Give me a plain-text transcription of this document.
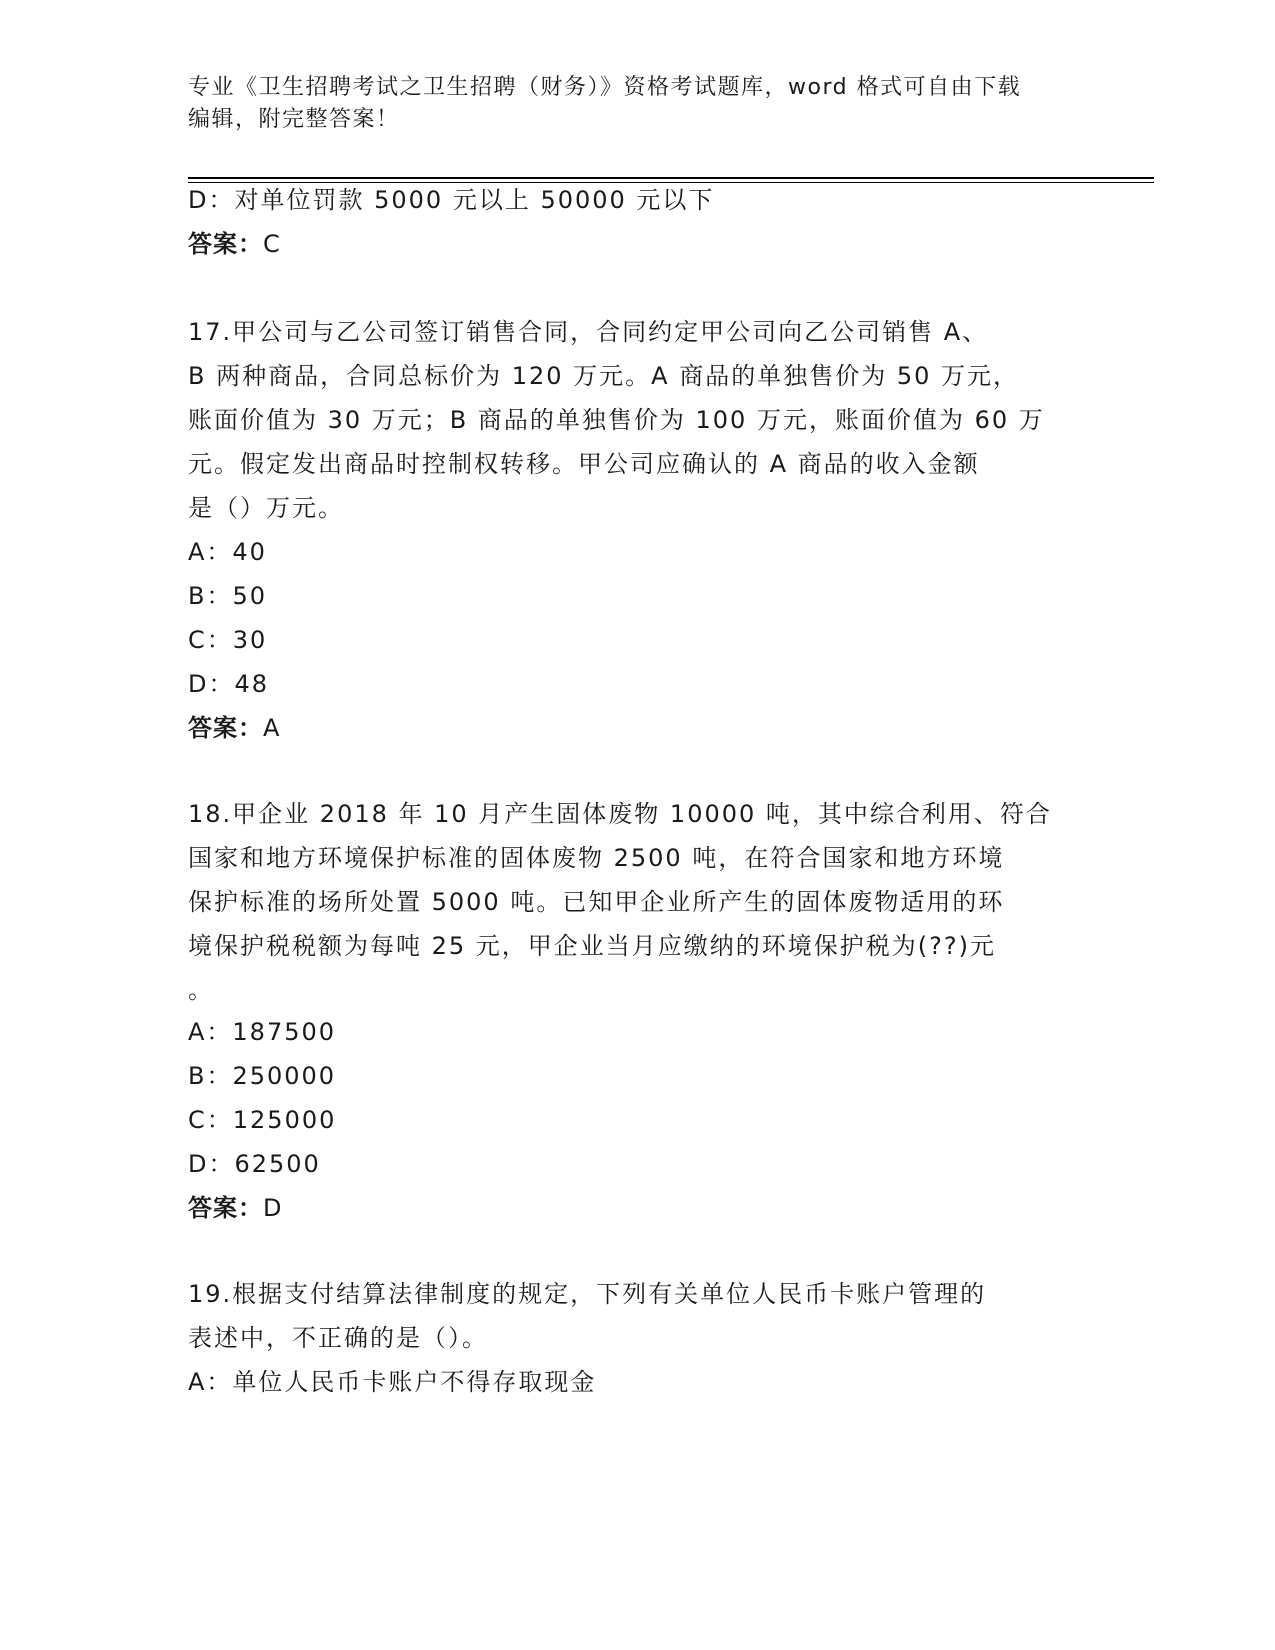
专业《卫生招聘考试之卫生招聘（财务）》资格考试题库，word 格式可自由下载
编辑，附完整答案！
D：对单位罚款 5000 元以上 50000 元以下
答案：C
17.甲公司与乙公司签订销售合同，合同约定甲公司向乙公司销售 A、
B 两种商品，合同总标价为 120 万元。A 商品的单独售价为 50 万元，
账面价值为 30 万元；B 商品的单独售价为 100 万元，账面价值为 60 万
元。假定发出商品时控制权转移。甲公司应确认的 A 商品的收入金额
是（）万元。
A：40
B：50
C：30
D：48
答案：A
18.甲企业 2018 年 10 月产生固体废物 10000 吨，其中综合利用、符合
国家和地方环境保护标准的固体废物 2500 吨，在符合国家和地方环境
保护标准的场所处置 5000 吨。已知甲企业所产生的固体废物适用的环
境保护税税额为每吨 25 元，甲企业当月应缴纳的环境保护税为(??)元
。
A：187500
B：250000
C：125000
D：62500
答案：D
19.根据支付结算法律制度的规定，下列有关单位人民币卡账户管理的
表述中，不正确的是（）。
A：单位人民币卡账户不得存取现金
